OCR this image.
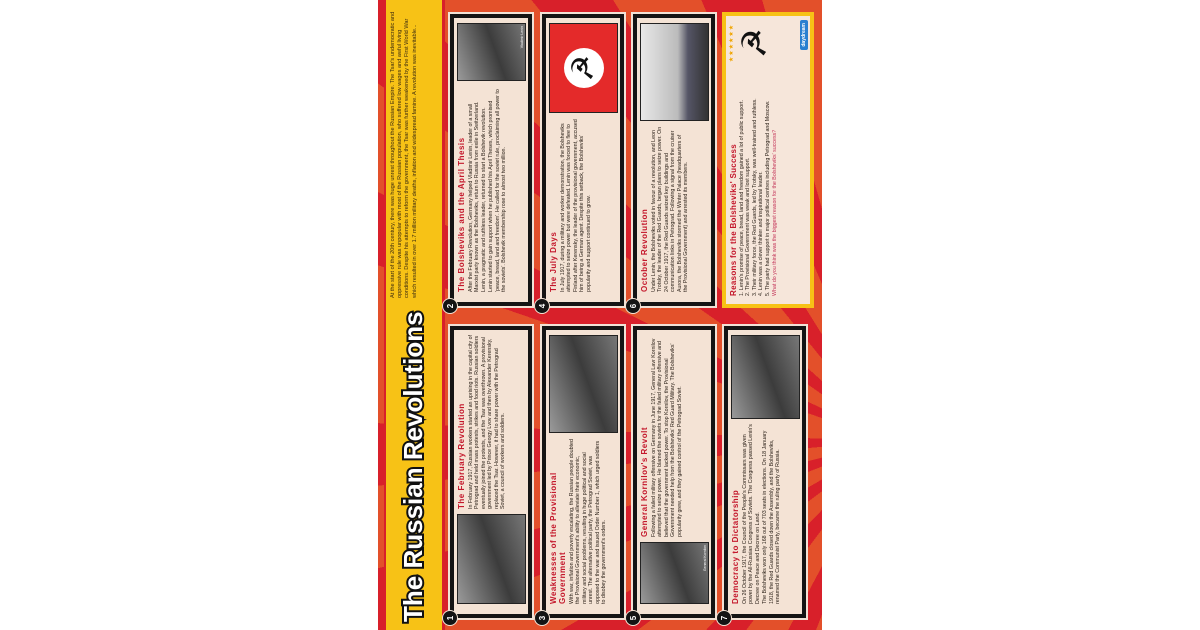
The Russian Revolutions
At the start of the 20th century, there was huge unrest throughout the Russian Empire. The Tsar's undemocratic and oppressive rule was unpopular with most of the Russian population, who suffered low wages and awful living conditions. Despite his attempts to reform the government, the Tsar was further weakened by the First World War which resulted in over 1.7 million military deaths, inflation and widespread famine. A revolution was inevitable...
1
The February Revolution In February 1917, Russian workers started an uprising in the capital city of Petrograd and held mass protests, strikes and food riots. Russian soldiers eventually joined the protests, and the Tsar was overthrown. A provisional government led by Prince Georgy Lvov and then by Alexander Kerensky, replaced the Tsar. However, it had to share power with the Petrograd Soviet, a council of workers and soldiers.

2
The Bolsheviks and the April Thesis After the February Revolution, Germany helped Vladimir Lenin, leader of a small Marxist party known as the Bolsheviks, return to Russia from exile in Switzerland. Lenin, a pragmatic and ruthless leader, returned to start a Bolshevik revolution. Lenin started to gain support when he published his April Theses, which promised 'peace, bread, land and freedom'. He called for the soviet rule, proclaiming all power to the soviets'. Bolshevik membership rose to almost two million.

Vladimir Lenin
3
Weaknesses of the Provisional Government With war, inflation and poverty escalating, the Russian people doubted the Provisional Government's ability to alleviate their economic, military and social problems, resulting in huge political and social unrest. The alternative political party, the Petrograd Soviet, was opposed to the war and issued Order Number 1, which urged soldiers to disobey the government's orders.

4
The July Days In July 1917, during a military and worker demonstration, the Bolsheviks attempted to seize power but were defeated. Lenin was forced to flee to Finland after Kerensky, the leader of the provisional government, accused him of being a German agent. Despite this setback, the Bolsheviks' popularity and support continued to grow.

☭
5
General Kornilov
General Kornilov's Revolt Following a failed military offensive on Germany in June 1917, General Lavr Kornilov attempted to seize power. He blamed the soviets for the failed military offensive and believed that the government lacked power. To stop Kornilov, the Provisional Government needed help from the Bolsheviks' Red Guard Military. The Bolsheviks' popularity grew, and they gained control of the Petrograd Soviet.

6
October Revolution Under Lenin, the Bolsheviks voted in favour of a revolution, and Leon Trotsky, the leader of the Red Guards, began plans to seize power. On 24 October 1917, the Red Guards seized key buildings and communication links in Petrograd. Following a signal from the cruiser Aurora, the Bolsheviks stormed the Winter Palace (headquarters of the Provisional Government) and arrested its members.

7
Democracy to Dictatorship On 26 October 1917, the Council of the People's Commissars was given power by the All-Russian Congress of Soviets. The Congress passed Lenin's Decree on Peace and Decree on Land. The Bolsheviks won only 168 out of 703 seats in elections. On 18 January 1918, the Red Guards closed down the Assembly, and the Bolsheviks, renamed the Communist Party, became the ruling party of Russia.

Reasons for the Bolsheviks' Success 1. Lenin's promise of peace, bread, land and freedom gained a lot of public support. 2. The Provisional Government was weak and lost support. 3. Their military force, the Red Guards, led by Trotsky, was well-trained and ruthless. 4. Lenin was a clever thinker and inspirational leader. 5. The party had support in major political centres including Petrograd and Moscow. What do you think was the biggest reason for the Bolsheviks' success?
★★★★★★ ☭	daydream
